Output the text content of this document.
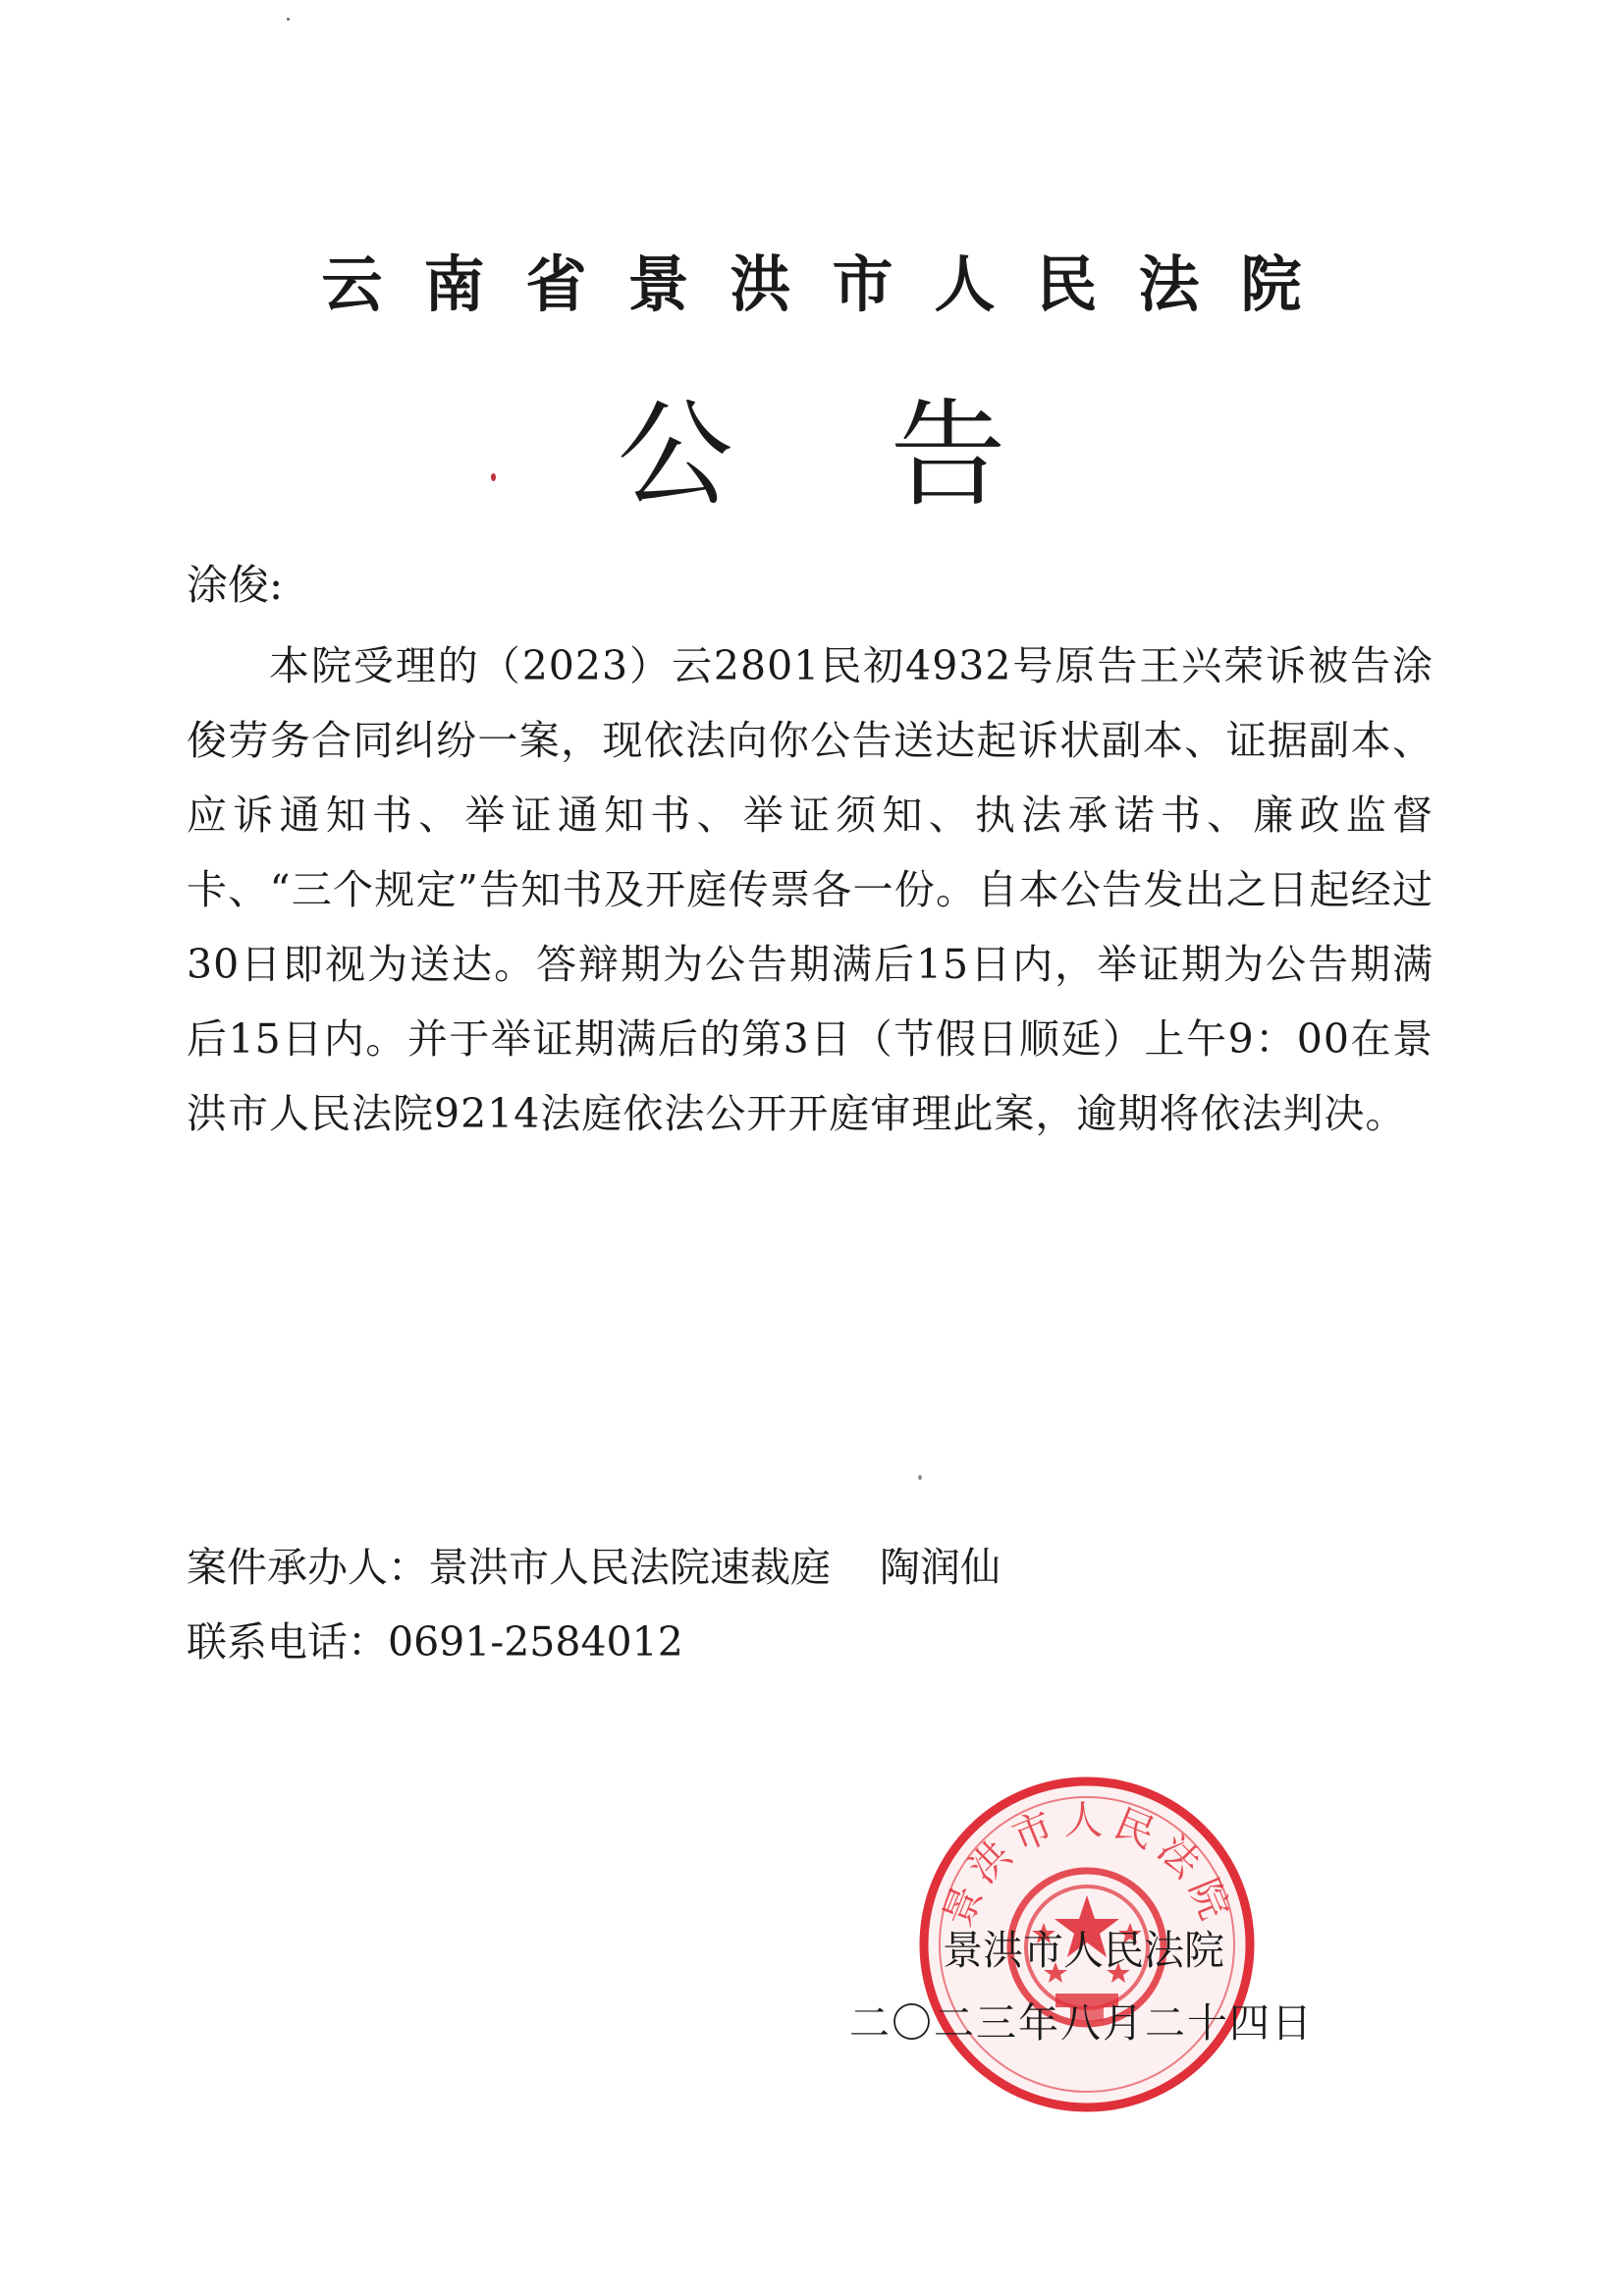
云南省景洪市人民法院
公告
涂俊:
本院受理的（2023）云2801民初4932号原告王兴荣诉被告涂俊劳务合同纠纷一案，现依法向你公告送达起诉状副本、证据副本、应诉通知书、举证通知书、举证须知、执法承诺书、廉政监督卡、“三个规定”告知书及开庭传票各一份。自本公告发出之日起经过30日即视为送达。答辩期为公告期满后15日内，举证期为公告期满后15日内。并于举证期满后的第3日（节假日顺延）上午9：00在景洪市人民法院9214法庭依法公开开庭审理此案，逾期将依法判决。
案件承办人：景洪市人民法院速裁庭 陶润仙
联系电话：0691-2584012
景洪市人民法院
景洪市人民法院
二〇二三年八月二十四日
